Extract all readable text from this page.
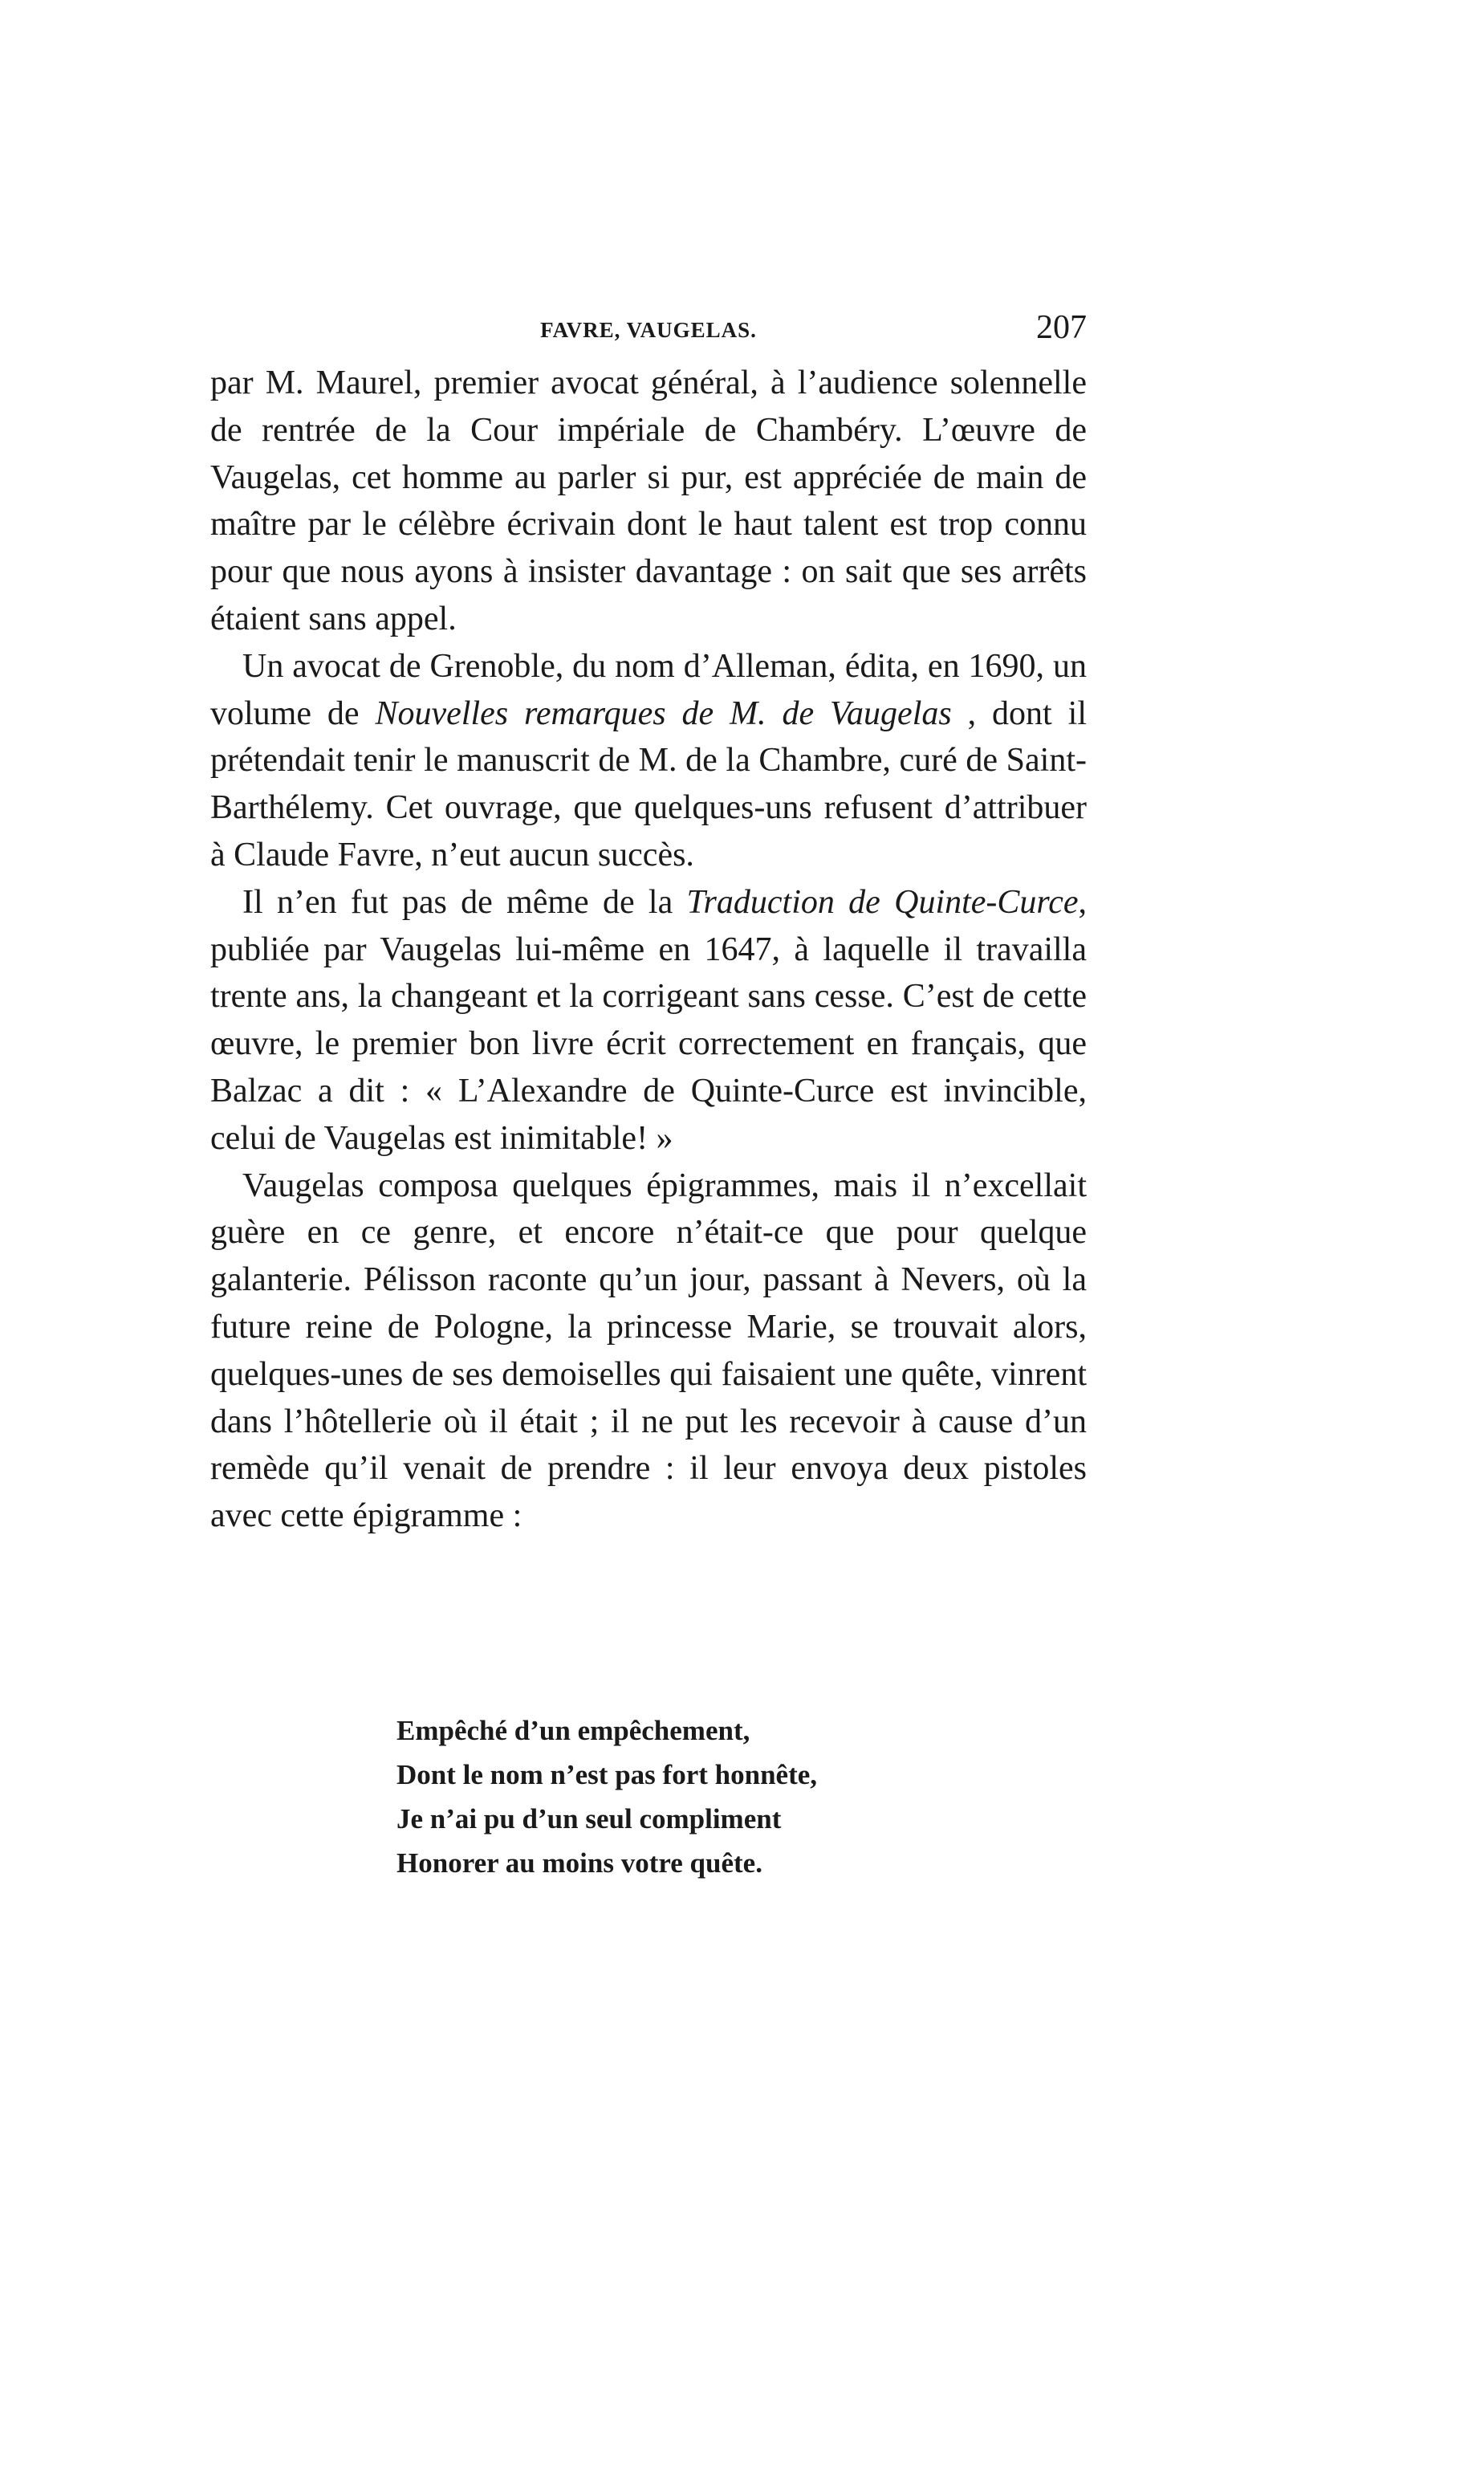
FAVRE, VAUGELAS.	207

par M. Maurel, premier avocat général, à l’audience solennelle de rentrée de la Cour impériale de Chambéry. L’œuvre de Vaugelas, cet homme au parler si pur, est appréciée de main de maître par le célèbre écrivain dont le haut talent est trop connu pour que nous ayons à insister davantage : on sait que ses arrêts étaient sans appel.

Un avocat de Grenoble, du nom d’Alleman, édita, en 1690, un volume de Nouvelles remarques de M. de Vaugelas , dont il prétendait tenir le manuscrit de M. de la Chambre, curé de Saint-Barthélemy. Cet ouvrage, que quelques-uns refusent d’attribuer à Claude Favre, n’eut aucun succès.

Il n’en fut pas de même de la Traduction de Quinte-Curce, publiée par Vaugelas lui-même en 1647, à laquelle il travailla trente ans, la changeant et la corrigeant sans cesse. C’est de cette œuvre, le premier bon livre écrit correctement en français, que Balzac a dit : « L’Alexandre de Quinte-Curce est invincible, celui de Vaugelas est inimitable! »

Vaugelas composa quelques épigrammes, mais il n’excellait guère en ce genre, et encore n’était-ce que pour quelque galanterie. Pélisson raconte qu’un jour, passant à Nevers, où la future reine de Pologne, la princesse Marie, se trouvait alors, quelques-unes de ses demoiselles qui faisaient une quête, vinrent dans l’hôtellerie où il était ; il ne put les recevoir à cause d’un remède qu’il venait de prendre : il leur envoya deux pistoles avec cette épigramme :

Empêché d’un empêchement,
Dont le nom n’est pas fort honnête,
Je n’ai pu d’un seul compliment
Honorer au moins votre quête.
